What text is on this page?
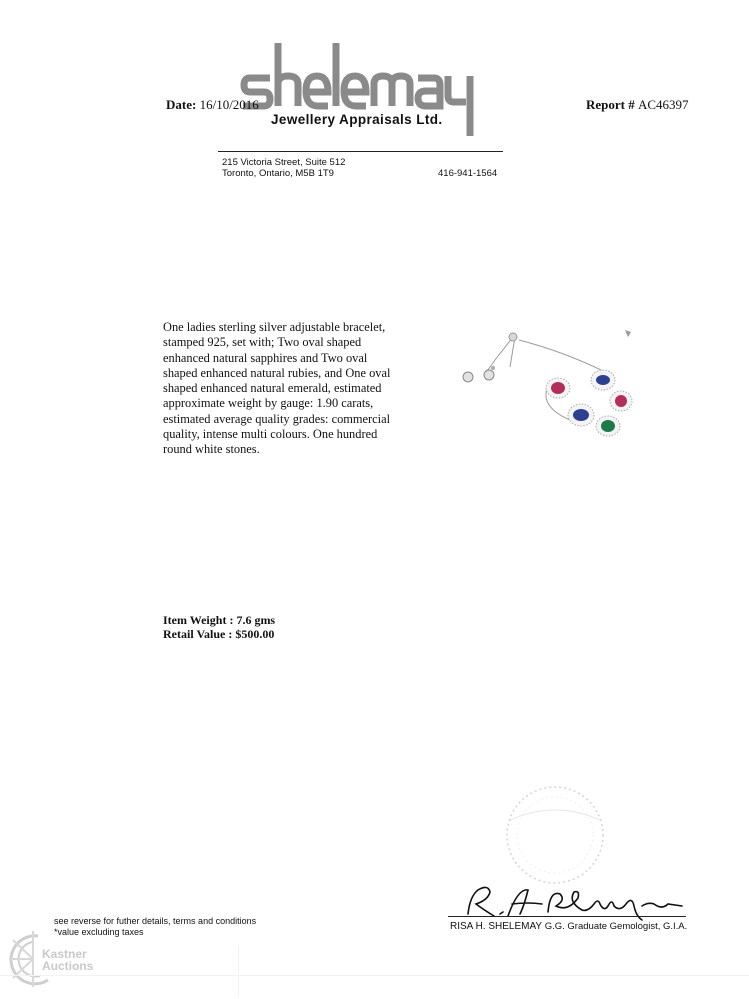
Date: 16/10/2016	Report # AC46397
Jewellery Appraisals Ltd.
215 Victoria Street, Suite 512
Toronto, Ontario, M5B 1T9	416-941-1564
One ladies sterling silver adjustable bracelet,
stamped 925, set with; Two oval shaped
enhanced natural sapphires and Two oval
shaped enhanced natural rubies, and One oval
shaped enhanced natural emerald, estimated
approximate weight by gauge: 1.90 carats,
estimated average quality grades: commercial
quality, intense multi colours. One hundred
round white stones.
Item Weight : 7.6 gms
Retail Value : $500.00
RISA H. SHELEMAY G.G. Graduate Gemologist, G.I.A.
see reverse for futher details, terms and conditions
*value excluding taxes
Kastner
Auctions
